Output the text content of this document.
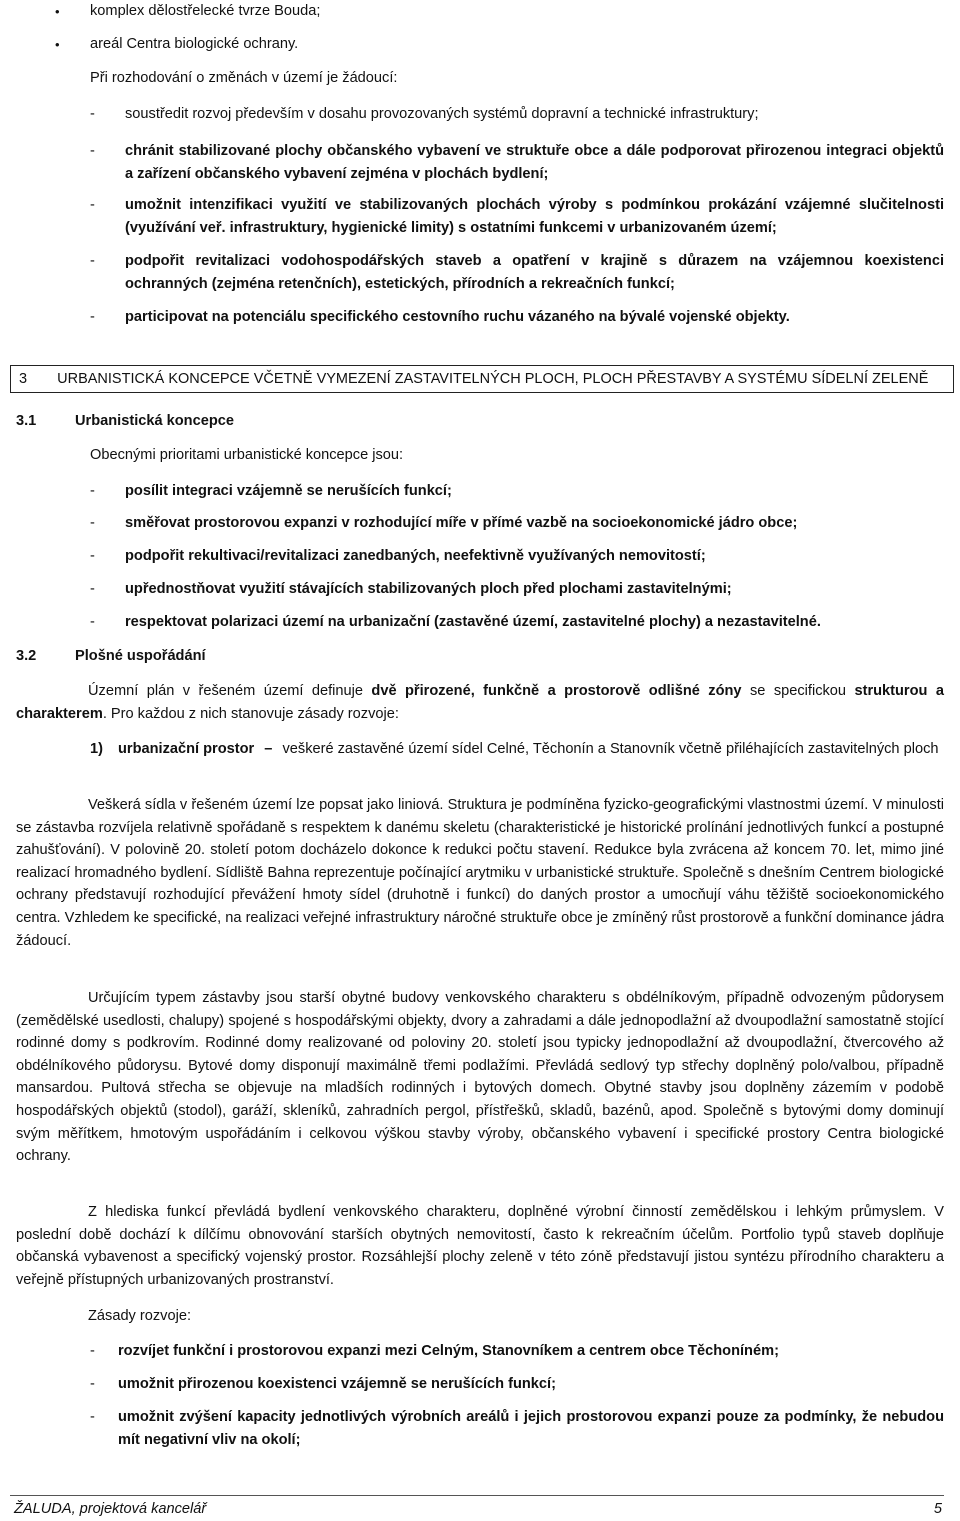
• komplex dělostřelecké tvrze Bouda;
• areál Centra biologické ochrany.
Při rozhodování o změnách v území je žádoucí:
- soustředit rozvoj především v dosahu provozovaných systémů dopravní a technické infrastruktury;
- chránit stabilizované plochy občanského vybavení ve struktuře obce a dále podporovat přirozenou integraci objektů a zařízení občanského vybavení zejména v plochách bydlení;
- umožnit intenzifikaci využití ve stabilizovaných plochách výroby s podmínkou prokázání vzájemné slučitelnosti (využívání veř. infrastruktury, hygienické limity) s ostatními funkcemi v urbanizovaném území;
- podpořit revitalizaci vodohospodářských staveb a opatření v krajině s důrazem na vzájemnou koexistenci ochranných (zejména retenčních), estetických, přírodních a rekreačních funkcí;
- participovat na potenciálu specifického cestovního ruchu vázaného na bývalé vojenské objekty.
3 URBANISTICKÁ KONCEPCE VČETNĚ VYMEZENÍ ZASTAVITELNÝCH PLOCH, PLOCH PŘESTAVBY A SYSTÉMU SÍDELNÍ ZELENĚ
3.1	Urbanistická koncepce
Obecnými prioritami urbanistické koncepce jsou:
- posílit integraci vzájemně se nerušících funkcí;
- směřovat prostorovou expanzi v rozhodující míře v přímé vazbě na socioekonomické jádro obce;
- podpořit rekultivaci/revitalizaci zanedbaných, neefektivně využívaných nemovitostí;
- upřednostňovat využití stávajících stabilizovaných ploch před plochami zastavitelnými;
- respektovat polarizaci území na urbanizační (zastavěné území, zastavitelné plochy) a nezastavitelné.
3.2	Plošné uspořádání
Územní plán v řešeném území definuje dvě přirozené, funkčně a prostorově odlišné zóny se specifickou strukturou a charakterem. Pro každou z nich stanovuje zásady rozvoje:
1) urbanizační prostor – veškeré zastavěné území sídel Celné, Těchonín a Stanovník včetně přiléhajících zastavitelných ploch
Veškerá sídla v řešeném území lze popsat jako liniová. Struktura je podmíněna fyzicko-geografickými vlastnostmi území. V minulosti se zástavba rozvíjela relativně spořádaně s respektem k danému skeletu (charakteristické je historické prolínání jednotlivých funkcí a postupné zahušťování). V polovině 20. století potom docházelo dokonce k redukci počtu stavení. Redukce byla zvrácena až koncem 70. let, mimo jiné realizací hromadného bydlení. Sídliště Bahna reprezentuje počínající arytmiku v urbanistické struktuře. Společně s dnešním Centrem biologické ochrany představují rozhodující převážení hmoty sídel (druhotně i funkcí) do daných prostor a umocňují váhu těžiště socioekonomického centra. Vzhledem ke specifické, na realizaci veřejné infrastruktury náročné struktuře obce je zmíněný růst prostorově a funkční dominance jádra žádoucí.
Určujícím typem zástavby jsou starší obytné budovy venkovského charakteru s obdélníkovým, případně odvozeným půdorysem (zemědělské usedlosti, chalupy) spojené s hospodářskými objekty, dvory a zahradami a dále jednopodlažní až dvoupodlažní samostatně stojící rodinné domy s podkrovím. Rodinné domy realizované od poloviny 20. století jsou typicky jednopodlažní až dvoupodlažní, čtvercového až obdélníkového půdorysu. Bytové domy disponují maximálně třemi podlažími. Převládá sedlový typ střechy doplněný polo/valbou, případně mansardou. Pultová střecha se objevuje na mladších rodinných i bytových domech. Obytné stavby jsou doplněny zázemím v podobě hospodářských objektů (stodol), garáží, skleníků, zahradních pergol, přístřešků, skladů, bazénů, apod. Společně s bytovými domy dominují svým měřítkem, hmotovým uspořádáním i celkovou výškou stavby výroby, občanského vybavení i specifické prostory Centra biologické ochrany.
Z hlediska funkcí převládá bydlení venkovského charakteru, doplněné výrobní činností zemědělskou i lehkým průmyslem. V poslední době dochází k dílčímu obnovování starších obytných nemovitostí, často k rekreačním účelům. Portfolio typů staveb doplňuje občanská vybavenost a specifický vojenský prostor. Rozsáhlejší plochy zeleně v této zóně představují jistou syntézu přírodního charakteru a veřejně přístupných urbanizovaných prostranství.
Zásady rozvoje:
- rozvíjet funkční i prostorovou expanzi mezi Celným, Stanovníkem a centrem obce Těchoníném;
- umožnit přirozenou koexistenci vzájemně se nerušících funkcí;
- umožnit zvýšení kapacity jednotlivých výrobních areálů i jejich prostorovou expanzi pouze za podmínky, že nebudou mít negativní vliv na okolí;
ŽALUDA, projektová kancelář	5
